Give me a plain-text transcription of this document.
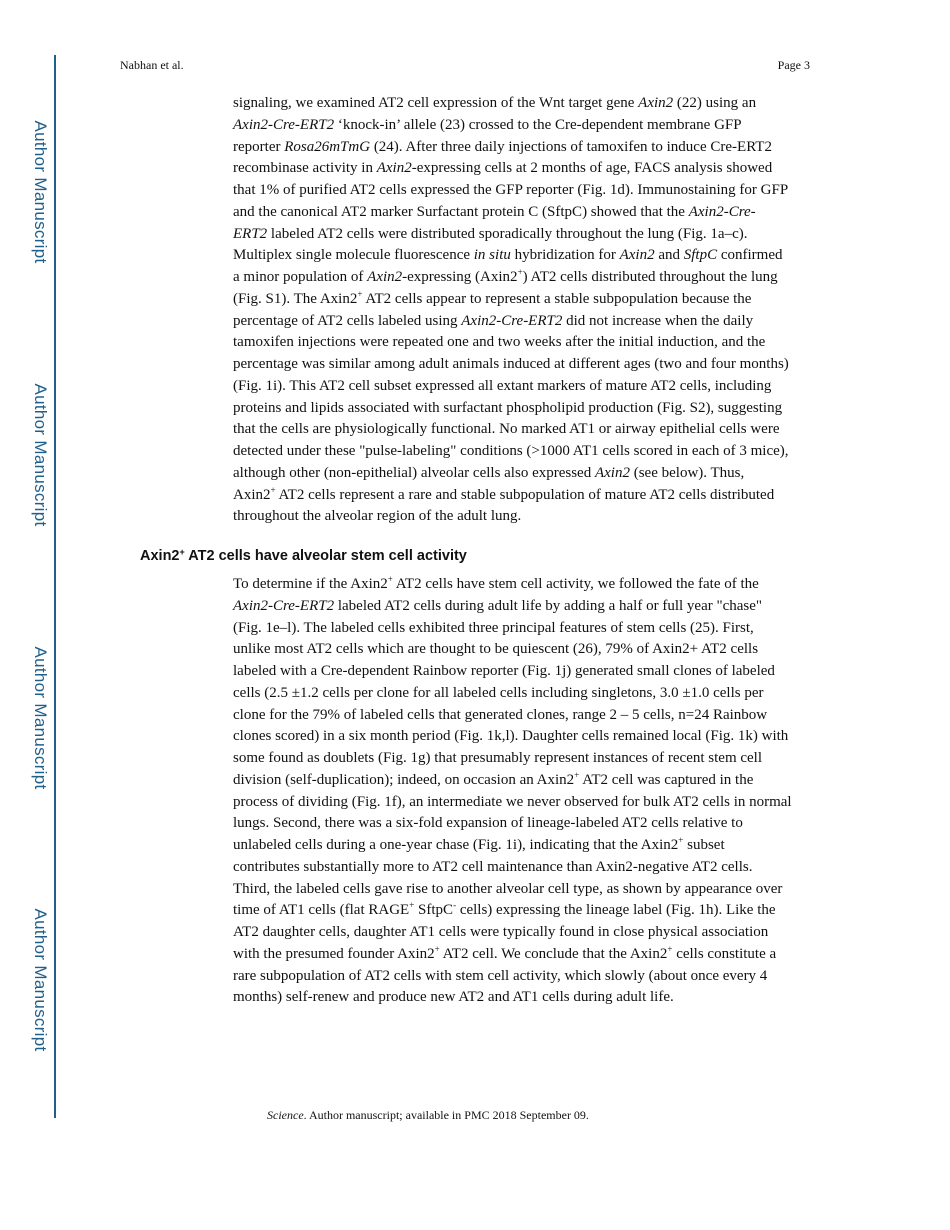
Author Manuscript
Author Manuscript
Author Manuscript
Author Manuscript
Nabhan et al.	Page 3
signaling, we examined AT2 cell expression of the Wnt target gene Axin2 (22) using an
Axin2-Cre-ERT2 ‘knock-in’ allele (23) crossed to the Cre-dependent membrane GFP
reporter Rosa26mTmG (24). After three daily injections of tamoxifen to induce Cre-ERT2
recombinase activity in Axin2-expressing cells at 2 months of age, FACS analysis showed
that 1% of purified AT2 cells expressed the GFP reporter (Fig. 1d). Immunostaining for GFP
and the canonical AT2 marker Surfactant protein C (SftpC) showed that the Axin2-Cre-
ERT2 labeled AT2 cells were distributed sporadically throughout the lung (Fig. 1a–c).
Multiplex single molecule fluorescence in situ hybridization for Axin2 and SftpC confirmed
a minor population of Axin2-expressing (Axin2+) AT2 cells distributed throughout the lung
(Fig. S1). The Axin2+ AT2 cells appear to represent a stable subpopulation because the
percentage of AT2 cells labeled using Axin2-Cre-ERT2 did not increase when the daily
tamoxifen injections were repeated one and two weeks after the initial induction, and the
percentage was similar among adult animals induced at different ages (two and four months)
(Fig. 1i). This AT2 cell subset expressed all extant markers of mature AT2 cells, including
proteins and lipids associated with surfactant phospholipid production (Fig. S2), suggesting
that the cells are physiologically functional. No marked AT1 or airway epithelial cells were
detected under these "pulse-labeling" conditions (>1000 AT1 cells scored in each of 3 mice),
although other (non-epithelial) alveolar cells also expressed Axin2 (see below). Thus,
Axin2+ AT2 cells represent a rare and stable subpopulation of mature AT2 cells distributed
throughout the alveolar region of the adult lung.
Axin2+ AT2 cells have alveolar stem cell activity
To determine if the Axin2+ AT2 cells have stem cell activity, we followed the fate of the
Axin2-Cre-ERT2 labeled AT2 cells during adult life by adding a half or full year "chase"
(Fig. 1e–l). The labeled cells exhibited three principal features of stem cells (25). First,
unlike most AT2 cells which are thought to be quiescent (26), 79% of Axin2+ AT2 cells
labeled with a Cre-dependent Rainbow reporter (Fig. 1j) generated small clones of labeled
cells (2.5 ±1.2 cells per clone for all labeled cells including singletons, 3.0 ±1.0 cells per
clone for the 79% of labeled cells that generated clones, range 2 – 5 cells, n=24 Rainbow
clones scored) in a six month period (Fig. 1k,l). Daughter cells remained local (Fig. 1k) with
some found as doublets (Fig. 1g) that presumably represent instances of recent stem cell
division (self-duplication); indeed, on occasion an Axin2+ AT2 cell was captured in the
process of dividing (Fig. 1f), an intermediate we never observed for bulk AT2 cells in normal
lungs. Second, there was a six-fold expansion of lineage-labeled AT2 cells relative to
unlabeled cells during a one-year chase (Fig. 1i), indicating that the Axin2+ subset
contributes substantially more to AT2 cell maintenance than Axin2-negative AT2 cells.
Third, the labeled cells gave rise to another alveolar cell type, as shown by appearance over
time of AT1 cells (flat RAGE+ SftpC- cells) expressing the lineage label (Fig. 1h). Like the
AT2 daughter cells, daughter AT1 cells were typically found in close physical association
with the presumed founder Axin2+ AT2 cell. We conclude that the Axin2+ cells constitute a
rare subpopulation of AT2 cells with stem cell activity, which slowly (about once every 4
months) self-renew and produce new AT2 and AT1 cells during adult life.
Science. Author manuscript; available in PMC 2018 September 09.
